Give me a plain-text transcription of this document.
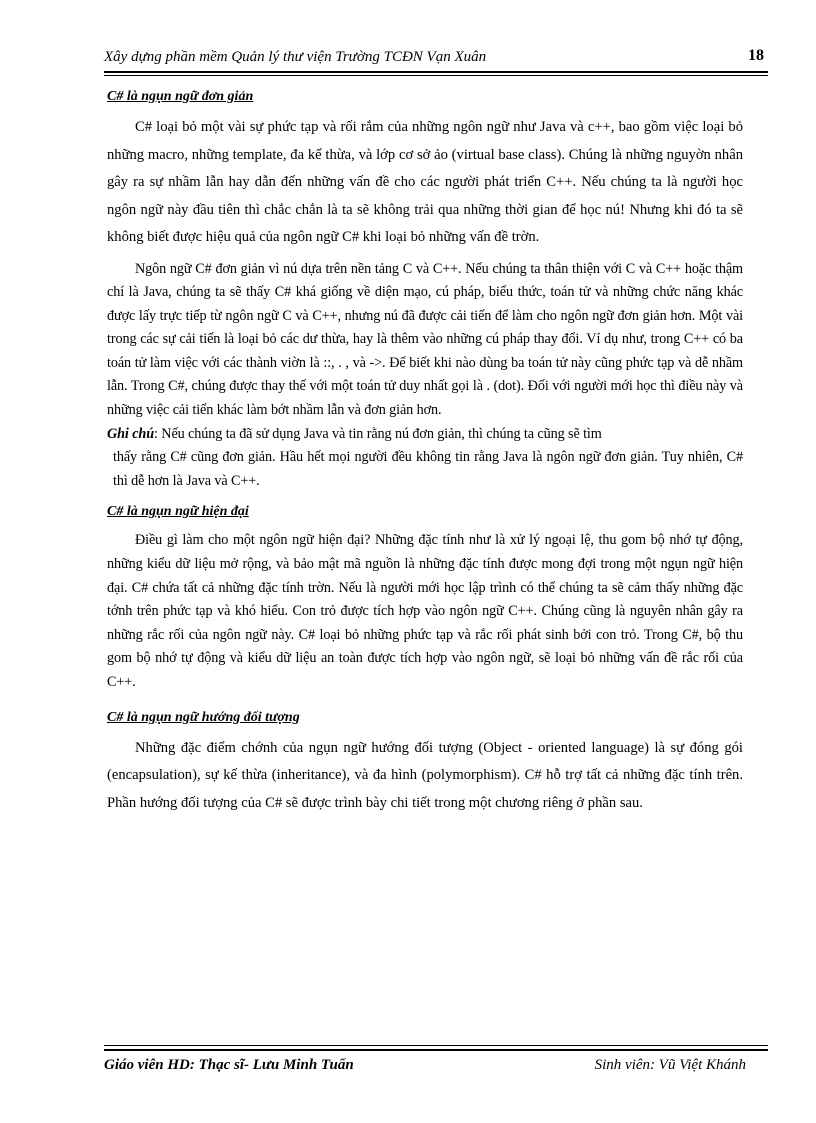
Xây dựng phần mềm Quản lý thư viện Trường TCĐN Vạn Xuân	18

C# là ngụn ngữ đơn giản

C# loại bỏ một vài sự phức tạp và rối rắm của những ngôn ngữ như Java và c++, bao gồm việc loại bỏ những macro, những template, đa kế thừa, và lớp cơ sở ảo (virtual base class). Chúng là những nguyờn nhân gây ra sự nhầm lẫn hay dẫn đến những vấn đề cho các người phát triển C++. Nếu chúng ta là người học ngôn ngữ này đầu tiên thì chắc chắn là ta sẽ không trải qua những thời gian để học nú! Nhưng khi đó ta sẽ không biết được hiệu quả của ngôn ngữ C# khi loại bỏ những vấn đề trờn.

Ngôn ngữ C# đơn giản vì nú dựa trên nền tảng C và C++. Nếu chúng ta thân thiện với C và C++ hoặc thậm chí là Java, chúng ta sẽ thấy C# khá giống về diện mạo, cú pháp, biểu thức, toán tử và những chức năng khác được lấy trực tiếp từ ngôn ngữ C và C++, nhưng nú đã được cải tiến để làm cho ngôn ngữ đơn giản hơn. Một vài trong các sự cải tiến là loại bỏ các dư thừa, hay là thêm vào những cú pháp thay đổi. Ví dụ như, trong C++ có ba toán tử làm việc với các thành viờn là ::, . , và ->. Để biết khi nào dùng ba toán tử này cũng phức tạp và dễ nhầm lẫn. Trong C#, chúng được thay thế với một toán tử duy nhất gọi là . (dot). Đối với người mới học thì điều này và những việc cải tiến khác làm bớt nhầm lẫn và đơn giản hơn.

Ghi chú: Nếu chúng ta đã sử dụng Java và tin rằng nú đơn giản, thì chúng ta cũng sẽ tìm

thấy rằng C# cũng đơn giản. Hầu hết mọi người đều không tin rằng Java là ngôn ngữ đơn giản. Tuy nhiên, C# thì dễ hơn là Java và C++.

C# là ngụn ngữ hiện đại

Điều gì làm cho một ngôn ngữ hiện đại? Những đặc tính như là xử lý ngoại lệ, thu gom bộ nhớ tự động, những kiểu dữ liệu mở rộng, và bảo mật mã nguồn là những đặc tính được mong đợi trong một ngụn ngữ hiện đại. C# chứa tất cả những đặc tính trờn. Nếu là người mới học lập trình có thể chúng ta sẽ cảm thấy những đặc tớnh trên phức tạp và khó hiểu. Con trỏ được tích hợp vào ngôn ngữ C++. Chúng cũng là nguyên nhân gây ra những rắc rối của ngôn ngữ này. C# loại bỏ những phức tạp và rắc rối phát sinh bởi con trỏ. Trong C#, bộ thu gom bộ nhớ tự động và kiểu dữ liệu an toàn được tích hợp vào ngôn ngữ, sẽ loại bỏ những vấn đề rắc rối của C++.

C# là ngụn ngữ hướng đối tượng

Những đặc điểm chớnh của ngụn ngữ hướng đối tượng (Object - oriented language) là sự đóng gói (encapsulation), sự kế thừa (inheritance), và đa hình (polymorphism). C# hỗ trợ tất cả những đặc tính trên. Phần hướng đối tượng của C# sẽ được trình bày chi tiết trong một chương riêng ở phần sau.

Giáo viên HD: Thạc sĩ- Lưu Minh Tuấn	Sinh viên: Vũ Việt Khánh
